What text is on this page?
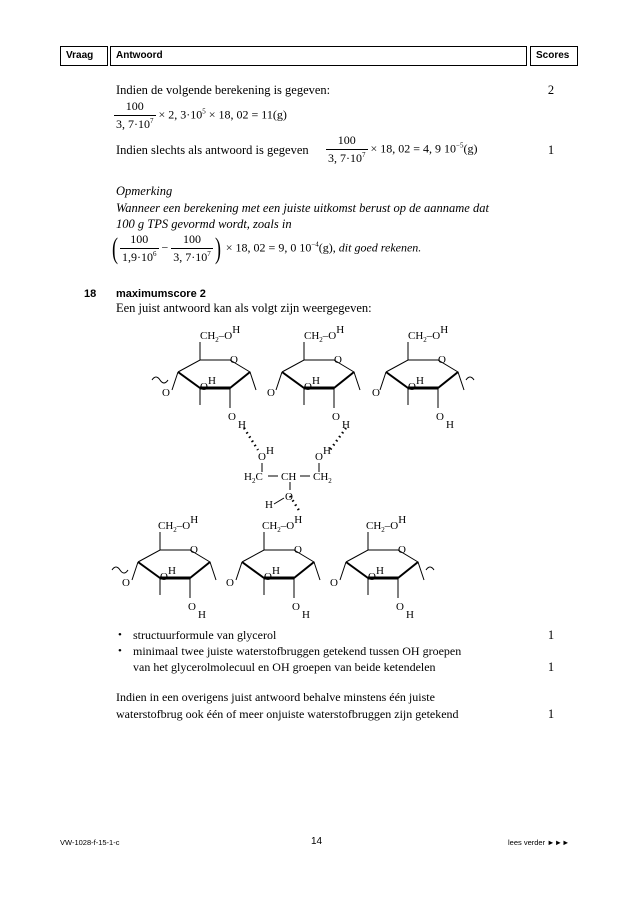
Vraag	Antwoord	Scores
Indien de volgende berekening is gegeven:	2
$\frac{100}{3, 7\cdot 10^7} \times 2$, $3\cdot 10^5 \times 18$, 02 = 11(g)
Indien slechts als antwoord is gegeven $\frac{100}{3, 7\cdot 10^7} \times 18$, 02 = 4, 9 $10^{-5}(g)$	1
Opmerking
Wanneer een berekening met een juiste uitkomst berust op de aanname dat
100 g TPS gevormd wordt, zoals in
( $\frac{100}{1,9\cdot 10^6} - \frac{100}{3, 7\cdot 10^7}$ ) × 18, 02 = 9, 0 $10^{-4}(g)$, dit goed rekenen.
18 maximumscore 2
Een juist antwoord kan als volgt zijn weergegeven:
$CH_2-OH$	$CH_2-OH$	$CH_2-OH$
O	O	O
O	O	O
OH	OH	OH
O
H
O
H
O
H
OH	OH
$H_2C$ CH $CH_2$
O
H
$CH_2-OH$	$CH_2-OH$	$CH_2-OH$
O	O	O
O	O	O
OH	OH	OH
O
H
O
H
O
H
• structuurformule van glycerol	1
• minimaal twee juiste waterstofbruggen getekend tussen OH groepen
van het glycerolmolecuul en OH groepen van beide ketendelen	1
Indien in een overigens juist antwoord behalve minstens één juiste
waterstofbrug ook één of meer onjuiste waterstofbruggen zijn getekend	1
VW-1028-f-15-1-c	14	lees verder ►►►
